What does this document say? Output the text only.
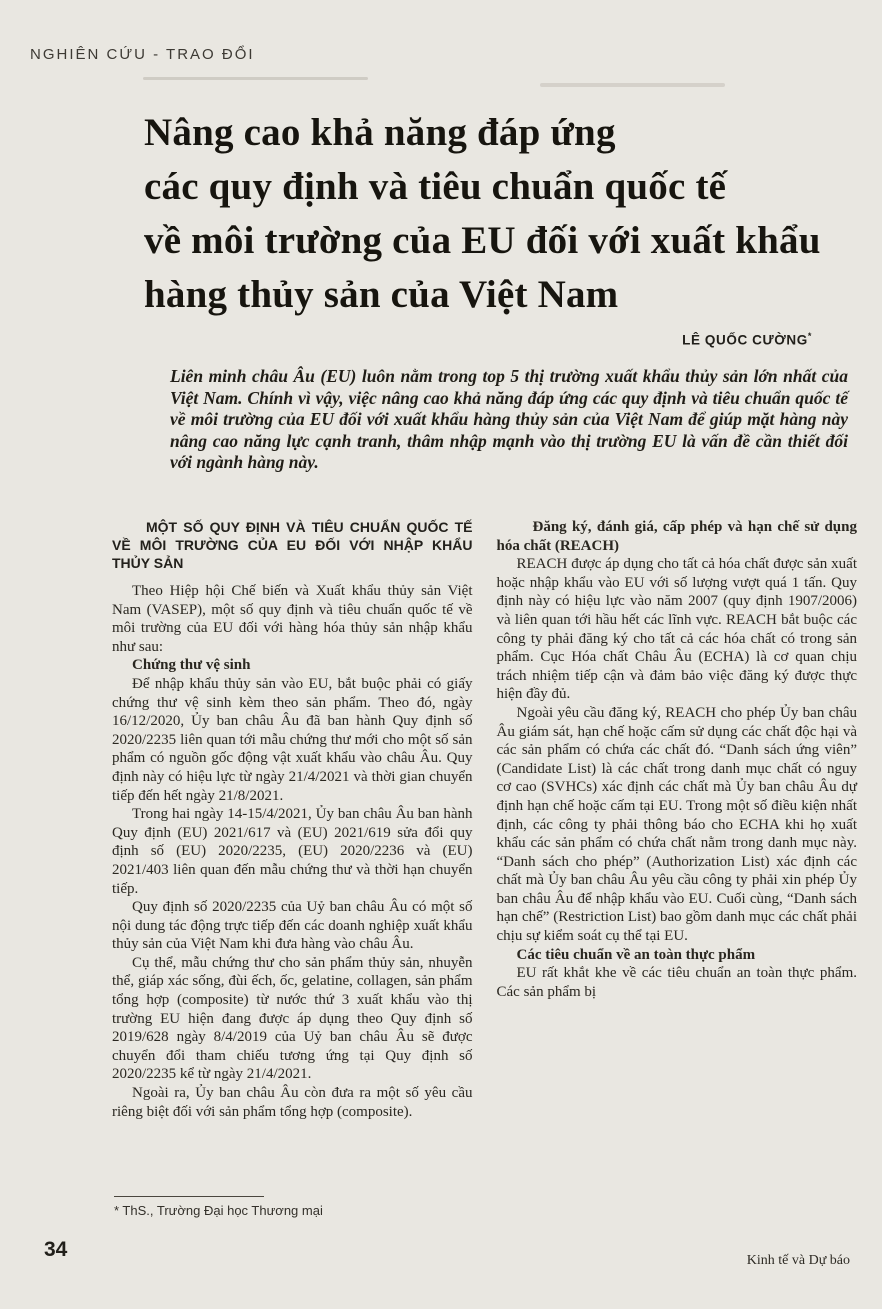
NGHIÊN CỨU - TRAO ĐỔI
Nâng cao khả năng đáp ứng
các quy định và tiêu chuẩn quốc tế
về môi trường của EU đối với xuất khẩu
hàng thủy sản của Việt Nam
LÊ QUỐC CƯỜNG*

Liên minh châu Âu (EU) luôn nằm trong top 5 thị trường xuất khẩu thủy sản lớn nhất của Việt Nam. Chính vì vậy, việc nâng cao khả năng đáp ứng các quy định và tiêu chuẩn quốc tế về môi trường của EU đối với xuất khẩu hàng thủy sản của Việt Nam để giúp mặt hàng này nâng cao năng lực cạnh tranh, thâm nhập mạnh vào thị trường EU là vấn đề cần thiết đối với ngành hàng này.

MỘT SỐ QUY ĐỊNH VÀ TIÊU CHUẨN QUỐC TẾ VỀ MÔI TRƯỜNG CỦA EU ĐỐI VỚI NHẬP KHẨU THỦY SẢN

Theo Hiệp hội Chế biến và Xuất khẩu thủy sản Việt Nam (VASEP), một số quy định và tiêu chuẩn quốc tế về môi trường của EU đối với hàng hóa thủy sản nhập khẩu như sau:

Chứng thư vệ sinh

Để nhập khẩu thủy sản vào EU, bắt buộc phải có giấy chứng thư vệ sinh kèm theo sản phẩm. Theo đó, ngày 16/12/2020, Ủy ban châu Âu đã ban hành Quy định số 2020/2235 liên quan tới mẫu chứng thư mới cho một số sản phẩm có nguồn gốc động vật xuất khẩu vào châu Âu. Quy định này có hiệu lực từ ngày 21/4/2021 và thời gian chuyển tiếp đến hết ngày 21/8/2021.

Trong hai ngày 14-15/4/2021, Ủy ban châu Âu ban hành Quy định (EU) 2021/617 và (EU) 2021/619 sửa đổi quy định số (EU) 2020/2235, (EU) 2020/2236 và (EU) 2021/403 liên quan đến mẫu chứng thư và thời hạn chuyển tiếp.

Quy định số 2020/2235 của Uỷ ban châu Âu có một số nội dung tác động trực tiếp đến các doanh nghiệp xuất khẩu thủy sản của Việt Nam khi đưa hàng vào châu Âu.

Cụ thể, mẫu chứng thư cho sản phẩm thủy sản, nhuyễn thể, giáp xác sống, đùi ếch, ốc, gelatine, collagen, sản phẩm tổng hợp (composite) từ nước thứ 3 xuất khẩu vào thị trường EU hiện đang được áp dụng theo Quy định số 2019/628 ngày 8/4/2019 của Uỷ ban châu Âu sẽ được chuyển đổi tham chiếu tương ứng tại Quy định số 2020/2235 kể từ ngày 21/4/2021.

Ngoài ra, Ủy ban châu Âu còn đưa ra một số yêu cầu riêng biệt đối với sản phẩm tổng hợp (composite).

Đăng ký, đánh giá, cấp phép và hạn chế sử dụng hóa chất (REACH)

REACH được áp dụng cho tất cả hóa chất được sản xuất hoặc nhập khẩu vào EU với số lượng vượt quá 1 tấn. Quy định này có hiệu lực vào năm 2007 (quy định 1907/2006) và liên quan tới hầu hết các lĩnh vực. REACH bắt buộc các công ty phải đăng ký cho tất cả các hóa chất có trong sản phẩm. Cục Hóa chất Châu Âu (ECHA) là cơ quan chịu trách nhiệm tiếp cận và đảm bảo việc đăng ký được thực hiện đầy đủ.

Ngoài yêu cầu đăng ký, REACH cho phép Ủy ban châu Âu giám sát, hạn chế hoặc cấm sử dụng các chất độc hại và các sản phẩm có chứa các chất đó. “Danh sách ứng viên” (Candidate List) là các chất trong danh mục chất có nguy cơ cao (SVHCs) xác định các chất mà Ủy ban châu Âu dự định hạn chế hoặc cấm tại EU. Trong một số điều kiện nhất định, các công ty phải thông báo cho ECHA khi họ xuất khẩu các sản phẩm có chứa chất nằm trong danh mục này. “Danh sách cho phép” (Authorization List) xác định các chất mà Ủy ban châu Âu yêu cầu công ty phải xin phép Ủy ban châu Âu để nhập khẩu vào EU. Cuối cùng, “Danh sách hạn chế” (Restriction List) bao gồm danh mục các chất phải chịu sự kiểm soát cụ thể tại EU.

Các tiêu chuẩn về an toàn thực phẩm

EU rất khắt khe về các tiêu chuẩn an toàn thực phẩm. Các sản phẩm bị

* ThS., Trường Đại học Thương mại
34	Kinh tế và Dự báo
